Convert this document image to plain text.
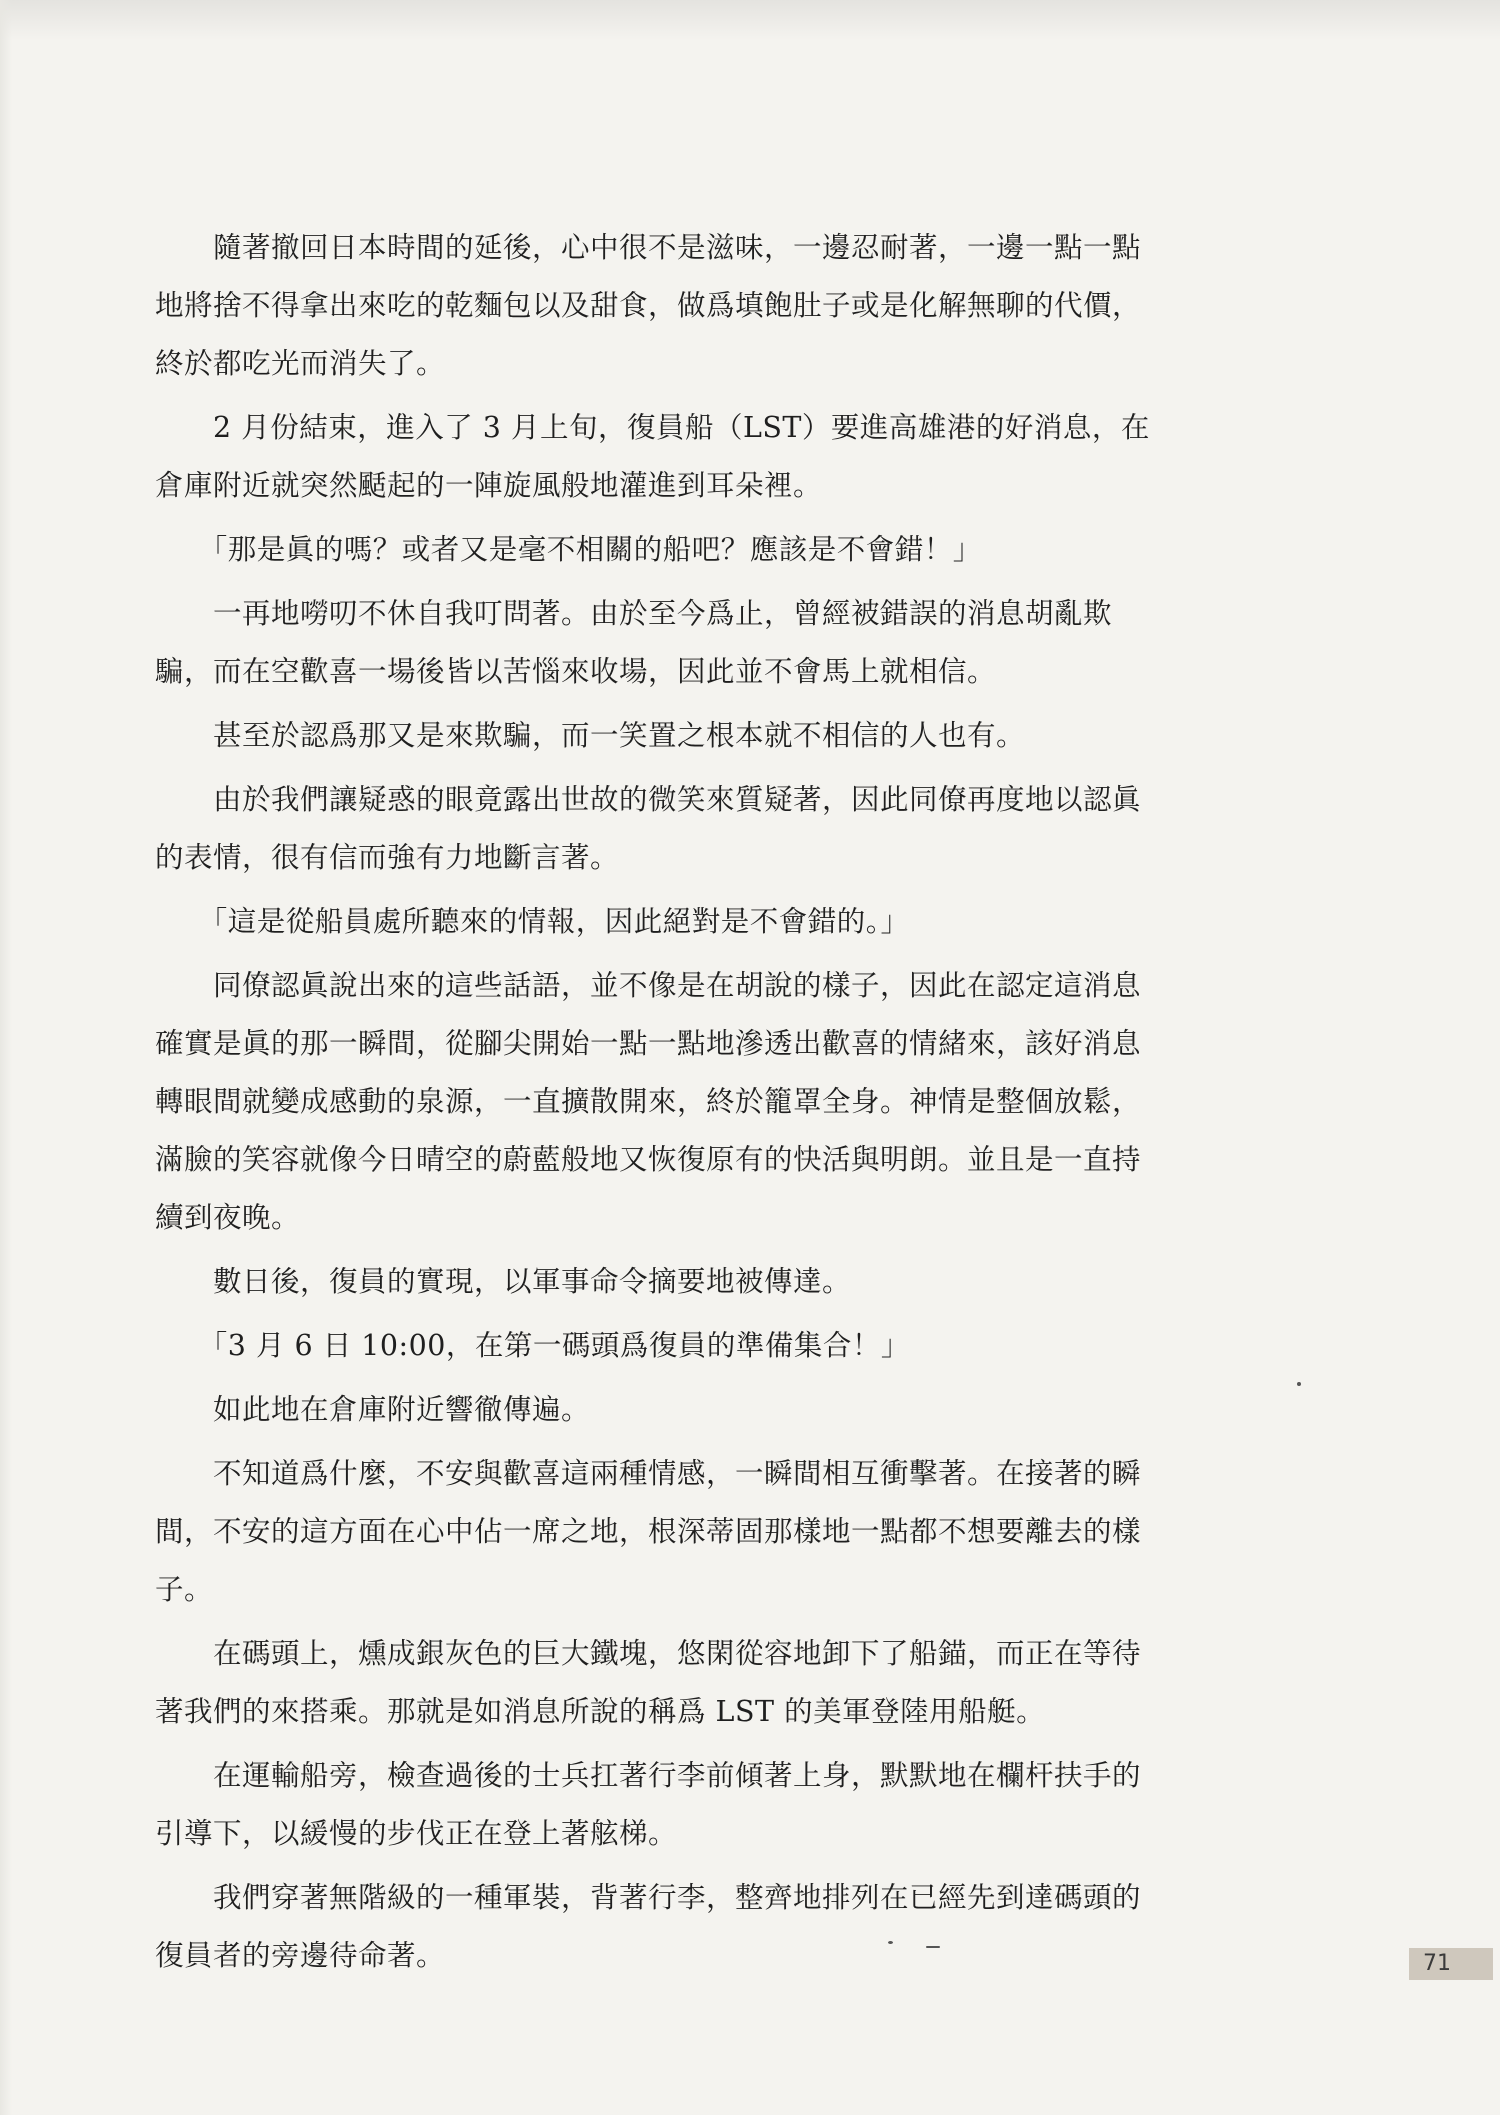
　　隨著撤回日本時間的延後，心中很不是滋味，一邊忍耐著，一邊一點一點
地將捨不得拿出來吃的乾麵包以及甜食，做爲填飽肚子或是化解無聊的代價，
終於都吃光而消失了。
　　2 月份結束，進入了 3 月上旬，復員船（LST）要進高雄港的好消息，在
倉庫附近就突然颳起的一陣旋風般地灌進到耳朵裡。
　　「那是眞的嗎？或者又是毫不相關的船吧？應該是不會錯！」
　　一再地嘮叨不休自我叮問著。由於至今爲止，曾經被錯誤的消息胡亂欺
騙，而在空歡喜一場後皆以苦惱來收場，因此並不會馬上就相信。
　　甚至於認爲那又是來欺騙，而一笑置之根本就不相信的人也有。
　　由於我們讓疑惑的眼竟露出世故的微笑來質疑著，因此同僚再度地以認眞
的表情，很有信而強有力地斷言著。
　　「這是從船員處所聽來的情報，因此絕對是不會錯的。」
　　同僚認眞說出來的這些話語，並不像是在胡說的樣子，因此在認定這消息
確實是眞的那一瞬間，從腳尖開始一點一點地滲透出歡喜的情緒來，該好消息
轉眼間就變成感動的泉源，一直擴散開來，終於籠罩全身。神情是整個放鬆，
滿臉的笑容就像今日晴空的蔚藍般地又恢復原有的快活與明朗。並且是一直持
續到夜晚。
　　數日後，復員的實現，以軍事命令摘要地被傳達。
　　「3 月 6 日 10:00，在第一碼頭爲復員的準備集合！」
　　如此地在倉庫附近響徹傳遍。
　　不知道爲什麼，不安與歡喜這兩種情感，一瞬間相互衝擊著。在接著的瞬
間，不安的這方面在心中佔一席之地，根深蒂固那樣地一點都不想要離去的樣
子。
　　在碼頭上，燻成銀灰色的巨大鐵塊，悠閑從容地卸下了船錨，而正在等待
著我們的來搭乘。那就是如消息所說的稱爲 LST 的美軍登陸用船艇。
　　在運輸船旁，檢查過後的士兵扛著行李前傾著上身，默默地在欄杆扶手的
引導下，以緩慢的步伐正在登上著舷梯。
　　我們穿著無階級的一種軍裝，背著行李，整齊地排列在已經先到達碼頭的
復員者的旁邊待命著。	71
